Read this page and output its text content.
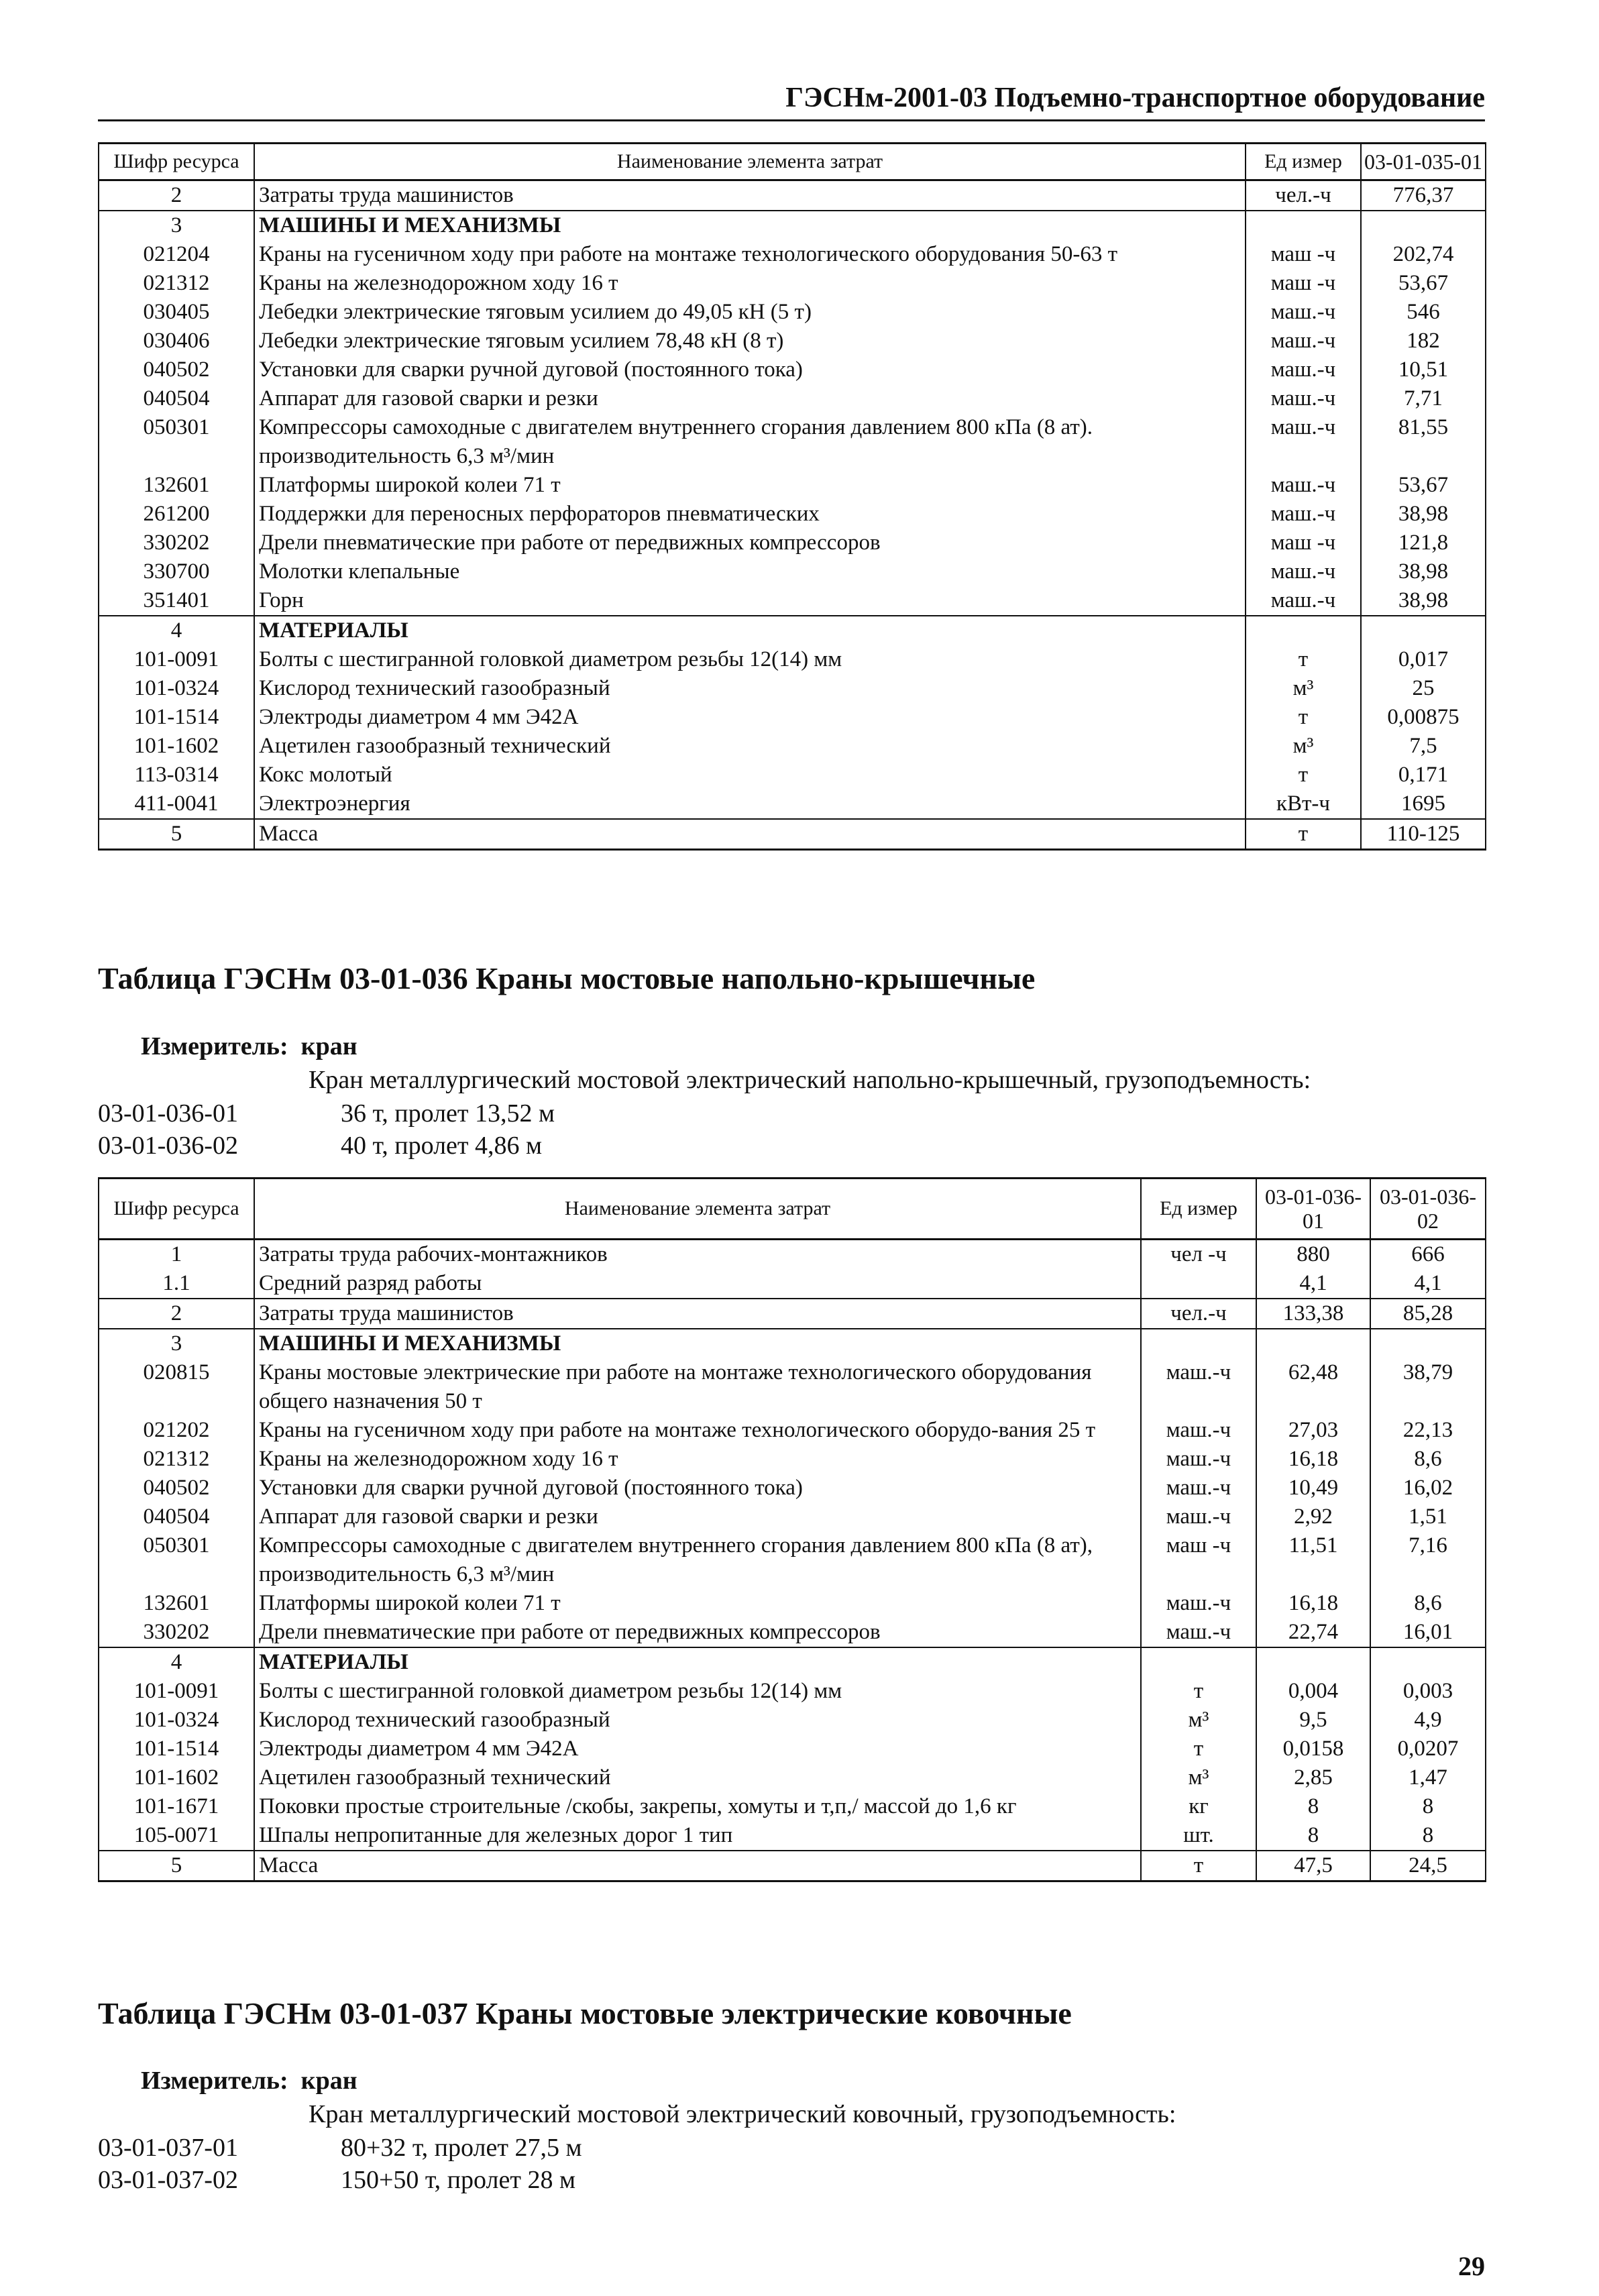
ГЭСНм-2001-03 Подъемно-транспортное оборудование
Шифр ресурса	Наименование элемента затрат	Ед измер	03-01-035-01
2	Затраты труда машинистов	чел.-ч	776,37
3	МАШИНЫ И МЕХАНИЗМЫ		
021204	Краны на гусеничном ходу при работе на монтаже технологического оборудования 50-63 т	маш -ч	202,74
021312	Краны на железнодорожном ходу 16 т	маш -ч	53,67
030405	Лебедки электрические тяговым усилием до 49,05 кН (5 т)	маш.-ч	546
030406	Лебедки электрические тяговым усилием 78,48 кН (8 т)	маш.-ч	182
040502	Установки для сварки ручной дуговой (постоянного тока)	маш.-ч	10,51
040504	Аппарат для газовой сварки и резки	маш.-ч	7,71
050301	Компрессоры самоходные с двигателем внутреннего сгорания давлением 800 кПа (8 ат). производительность 6,3 м³/мин	маш.-ч	81,55
132601	Платформы широкой колеи 71 т	маш.-ч	53,67
261200	Поддержки для переносных перфораторов пневматических	маш.-ч	38,98
330202	Дрели пневматические при работе от передвижных компрессоров	маш -ч	121,8
330700	Молотки клепальные	маш.-ч	38,98
351401	Горн	маш.-ч	38,98
4	МАТЕРИАЛЫ		
101-0091	Болты с шестигранной головкой диаметром резьбы 12(14) мм	т	0,017
101-0324	Кислород технический газообразный	м³	25
101-1514	Электроды диаметром 4 мм Э42А	т	0,00875
101-1602	Ацетилен газообразный технический	м³	7,5
113-0314	Кокс молотый	т	0,171
411-0041	Электроэнергия	кВт-ч	1695
5	Масса	т	110-125
Таблица ГЭСНм 03-01-036 Краны мостовые напольно-крышечные
Измеритель: кран
Кран металлургический мостовой электрический напольно-крышечный, грузоподъемность:
03-01-036-01	36 т, пролет 13,52 м
03-01-036-02	40 т, пролет 4,86 м
Шифр ресурса	Наименование элемента затрат	Ед измер	03-01-036-01	03-01-036-02
1	Затраты труда рабочих-монтажников	чел -ч	880	666
1.1	Средний разряд работы		4,1	4,1
2	Затраты труда машинистов	чел.-ч	133,38	85,28
3	МАШИНЫ И МЕХАНИЗМЫ			
020815	Краны мостовые электрические при работе на монтаже технологического оборудования общего назначения 50 т	маш.-ч	62,48	38,79
021202	Краны на гусеничном ходу при работе на монтаже технологического оборудо-вания 25 т	маш.-ч	27,03	22,13
021312	Краны на железнодорожном ходу 16 т	маш.-ч	16,18	8,6
040502	Установки для сварки ручной дуговой (постоянного тока)	маш.-ч	10,49	16,02
040504	Аппарат для газовой сварки и резки	маш.-ч	2,92	1,51
050301	Компрессоры самоходные с двигателем внутреннего сгорания давлением 800 кПа (8 ат), производительность 6,3 м³/мин	маш -ч	11,51	7,16
132601	Платформы широкой колеи 71 т	маш.-ч	16,18	8,6
330202	Дрели пневматические при работе от передвижных компрессоров	маш.-ч	22,74	16,01
4	МАТЕРИАЛЫ			
101-0091	Болты с шестигранной головкой диаметром резьбы 12(14) мм	т	0,004	0,003
101-0324	Кислород технический газообразный	м³	9,5	4,9
101-1514	Электроды диаметром 4 мм Э42А	т	0,0158	0,0207
101-1602	Ацетилен газообразный технический	м³	2,85	1,47
101-1671	Поковки простые строительные /скобы, закрепы, хомуты и т,п,/ массой до 1,6 кг	кг	8	8
105-0071	Шпалы непропитанные для железных дорог 1 тип	шт.	8	8
5	Масса	т	47,5	24,5
Таблица ГЭСНм 03-01-037 Краны мостовые электрические ковочные
Измеритель: кран
Кран металлургический мостовой электрический ковочный, грузоподъемность:
03-01-037-01	80+32 т, пролет 27,5 м
03-01-037-02	150+50 т, пролет 28 м
29
